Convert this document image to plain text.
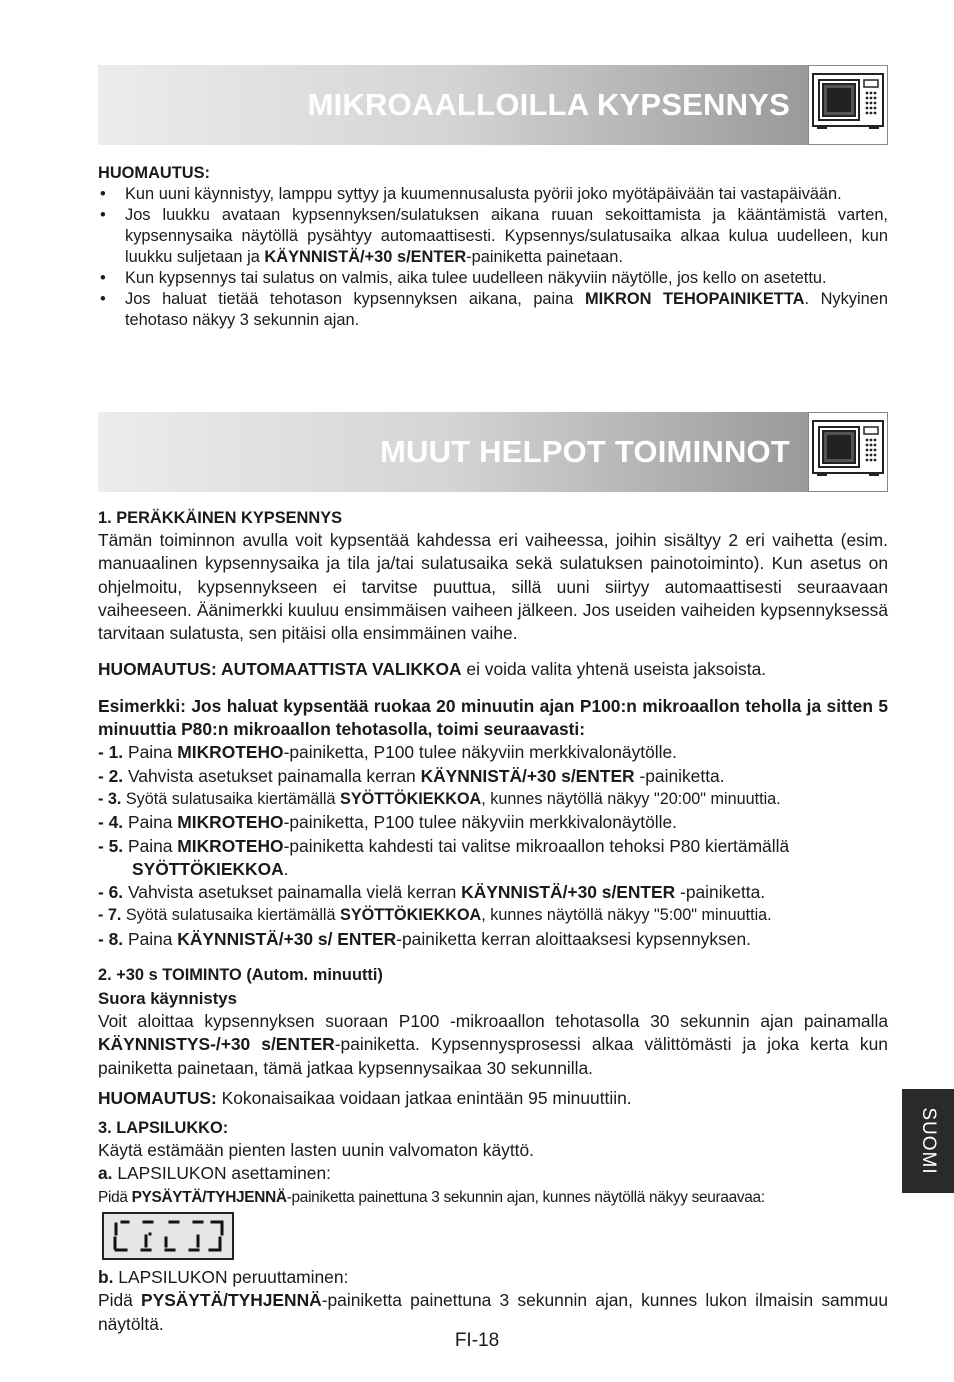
MIKROAALLOILLA KYPSENNYS

HUOMAUTUS:

• Kun uuni käynnistyy, lamppu syttyy ja kuumennusalusta pyörii joko myötäpäivään tai vastapäivään.
• Jos luukku avataan kypsennyksen/sulatuksen aikana ruuan sekoittamista ja kääntämistä varten, kypsennysaika näytöllä pysähtyy automaattisesti. Kypsennys/sulatusaika alkaa kulua uudelleen, kun luukku suljetaan ja KÄYNNISTÄ/+30 s/ENTER-painiketta painetaan.
• Kun kypsennys tai sulatus on valmis, aika tulee uudelleen näkyviin näytölle, jos kello on asetettu.
• Jos haluat tietää tehotason kypsennyksen aikana, paina MIKRON TEHOPAINIKETTA. Nykyinen tehotaso näkyy 3 sekunnin ajan.
MUUT HELPOT TOIMINNOT

1. PERÄKKÄINEN KYPSENNYS

Tämän toiminnon avulla voit kypsentää kahdessa eri vaiheessa, joihin sisältyy 2 eri vaihetta (esim. manuaalinen kypsennysaika ja tila ja/tai sulatusaika sekä sulatuksen painotoiminto). Kun asetus on ohjelmoitu, kypsennykseen ei tarvitse puuttua, sillä uuni siirtyy automaattisesti seuraavaan vaiheeseen. Äänimerkki kuuluu ensimmäisen vaiheen jälkeen. Jos useiden vaiheiden kypsennyksessä tarvitaan sulatusta, sen pitäisi olla ensimmäinen vaihe.

HUOMAUTUS: AUTOMAATTISTA VALIKKOA ei voida valita yhtenä useista jaksoista.

Esimerkki: Jos haluat kypsentää ruokaa 20 minuutin ajan P100:n mikroaallon teholla ja sitten 5 minuuttia P80:n mikroaallon tehotasolla, toimi seuraavasti:

- 1. Paina MIKROTEHO-painiketta, P100 tulee näkyviin merkkivalonäytölle.
- 2. Vahvista asetukset painamalla kerran KÄYNNISTÄ/+30 s/ENTER -painiketta.
- 3. Syötä sulatusaika kiertämällä SYÖTTÖKIEKKOA, kunnes näytöllä näkyy "20:00" minuuttia.
- 4. Paina MIKROTEHO-painiketta, P100 tulee näkyviin merkkivalonäytölle.
- 5. Paina MIKROTEHO-painiketta kahdesti tai valitse mikroaallon tehoksi P80 kiertämällä
SYÖTTÖKIEKKOA.
- 6. Vahvista asetukset painamalla vielä kerran KÄYNNISTÄ/+30 s/ENTER -painiketta.
- 7. Syötä sulatusaika kiertämällä SYÖTTÖKIEKKOA, kunnes näytöllä näkyy "5:00" minuuttia.
- 8. Paina KÄYNNISTÄ/+30 s/ ENTER-painiketta kerran aloittaaksesi kypsennyksen.

2. +30 s TOIMINTO (Autom. minuutti)

Suora käynnistys

Voit aloittaa kypsennyksen suoraan P100 -mikroaallon tehotasolla 30 sekunnin ajan painamalla KÄYNNISTYS-/+30 s/ENTER-painiketta. Kypsennysprosessi alkaa välittömästi ja joka kerta kun painiketta painetaan, tämä jatkaa kypsennysaikaa 30 sekunnilla.

HUOMAUTUS: Kokonaisaikaa voidaan jatkaa enintään 95 minuuttiin.

3. LAPSILUKKO:

Käytä estämään pienten lasten uunin valvomaton käyttö.

a. LAPSILUKON asettaminen:

Pidä PYSÄYTÄ/TYHJENNÄ-painiketta painettuna 3 sekunnin ajan, kunnes näytöllä näkyy seuraavaa:

b. LAPSILUKON peruuttaminen:

Pidä PYSÄYTÄ/TYHJENNÄ-painiketta painettuna 3 sekunnin ajan, kunnes lukon ilmaisin sammuu näytöltä.

SUOMI
FI-18
